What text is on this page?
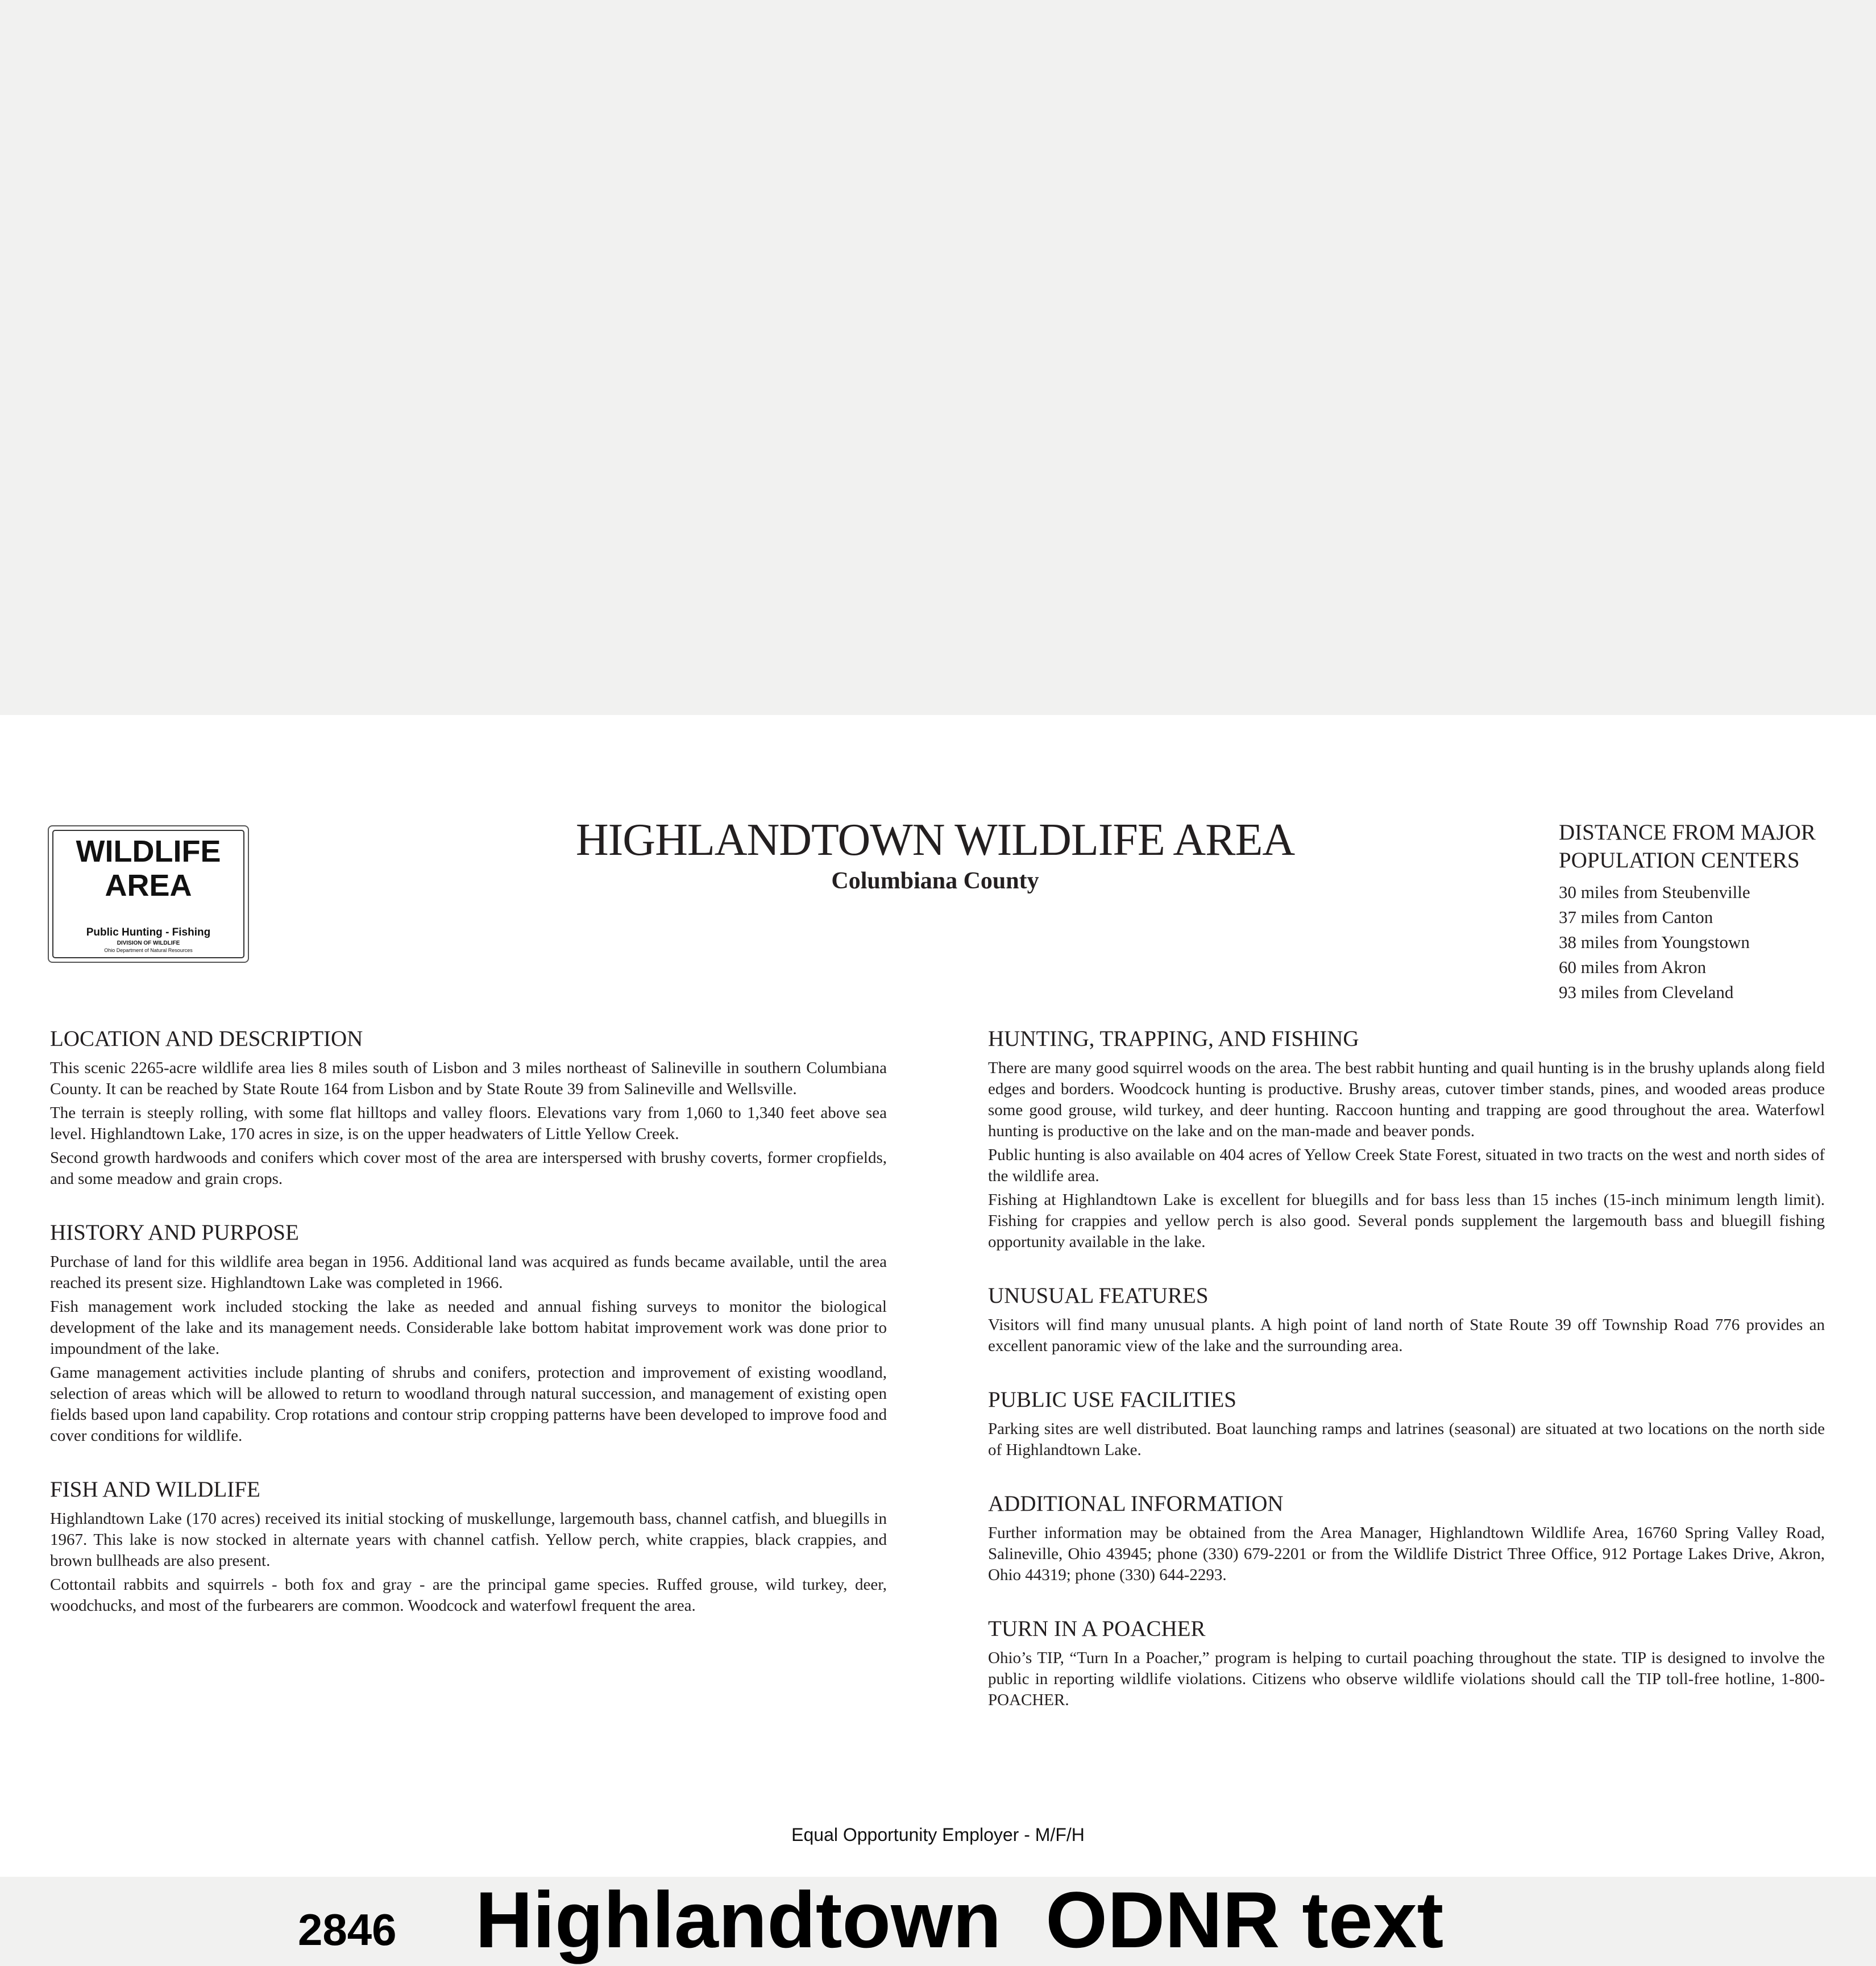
WILDLIFE
AREA
Public Hunting - Fishing
DIVISION OF WILDLIFE
Ohio Department of Natural Resources
HIGHLANDTOWN WILDLIFE AREA
Columbiana County
DISTANCE FROM MAJOR
POPULATION CENTERS
30 miles from Steubenville
37 miles from Canton
38 miles from Youngstown
60 miles from Akron
93 miles from Cleveland
LOCATION AND DESCRIPTION

This scenic 2265-acre wildlife area lies 8 miles south of Lisbon and 3 miles northeast of Salineville in southern Columbiana County. It can be reached by State Route 164 from Lisbon and by State Route 39 from Salineville and Wellsville.

The terrain is steeply rolling, with some flat hilltops and valley floors. Elevations vary from 1,060 to 1,340 feet above sea level. Highlandtown Lake, 170 acres in size, is on the upper headwaters of Little Yellow Creek.

Second growth hardwoods and conifers which cover most of the area are interspersed with brushy coverts, former cropfields, and some meadow and grain crops.

HISTORY AND PURPOSE

Purchase of land for this wildlife area began in 1956. Additional land was acquired as funds became available, until the area reached its present size. Highlandtown Lake was completed in 1966.

Fish management work included stocking the lake as needed and annual fishing surveys to monitor the biological development of the lake and its management needs. Considerable lake bottom habitat improvement work was done prior to impoundment of the lake.

Game management activities include planting of shrubs and conifers, protection and improvement of existing woodland, selection of areas which will be allowed to return to woodland through natural succession, and management of existing open fields based upon land capability. Crop rotations and contour strip cropping patterns have been developed to improve food and cover conditions for wildlife.

FISH AND WILDLIFE

Highlandtown Lake (170 acres) received its initial stocking of muskellunge, largemouth bass, channel catfish, and bluegills in 1967. This lake is now stocked in alternate years with channel catfish. Yellow perch, white crappies, black crappies, and brown bullheads are also present.

Cottontail rabbits and squirrels - both fox and gray - are the principal game species. Ruffed grouse, wild turkey, deer, woodchucks, and most of the furbearers are common. Woodcock and waterfowl frequent the area.

HUNTING, TRAPPING, AND FISHING

There are many good squirrel woods on the area. The best rabbit hunting and quail hunting is in the brushy uplands along field edges and borders. Woodcock hunting is productive. Brushy areas, cutover timber stands, pines, and wooded areas produce some good grouse, wild turkey, and deer hunting. Raccoon hunting and trapping are good throughout the area. Waterfowl hunting is productive on the lake and on the man-made and beaver ponds.

Public hunting is also available on 404 acres of Yellow Creek State Forest, situated in two tracts on the west and north sides of the wildlife area.

Fishing at Highlandtown Lake is excellent for bluegills and for bass less than 15 inches (15-inch minimum length limit). Fishing for crappies and yellow perch is also good. Several ponds supplement the largemouth bass and bluegill fishing opportunity available in the lake.

UNUSUAL FEATURES

Visitors will find many unusual plants. A high point of land north of State Route 39 off Township Road 776 provides an excellent panoramic view of the lake and the surrounding area.

PUBLIC USE FACILITIES

Parking sites are well distributed. Boat launching ramps and latrines (seasonal) are situated at two locations on the north side of Highlandtown Lake.

ADDITIONAL INFORMATION

Further information may be obtained from the Area Manager, Highlandtown Wildlife Area, 16760 Spring Valley Road, Salineville, Ohio 43945; phone (330) 679-2201 or from the Wildlife District Three Office, 912 Portage Lakes Drive, Akron, Ohio 44319; phone (330) 644-2293.

TURN IN A POACHER

Ohio’s TIP, “Turn In a Poacher,” program is helping to curtail poaching throughout the state. TIP is designed to involve the public in reporting wildlife violations. Citizens who observe wildlife violations should call the TIP toll-free hotline, 1-800-POACHER.

Equal Opportunity Employer - M/F/H
2846 Highlandtown  ODNR text
